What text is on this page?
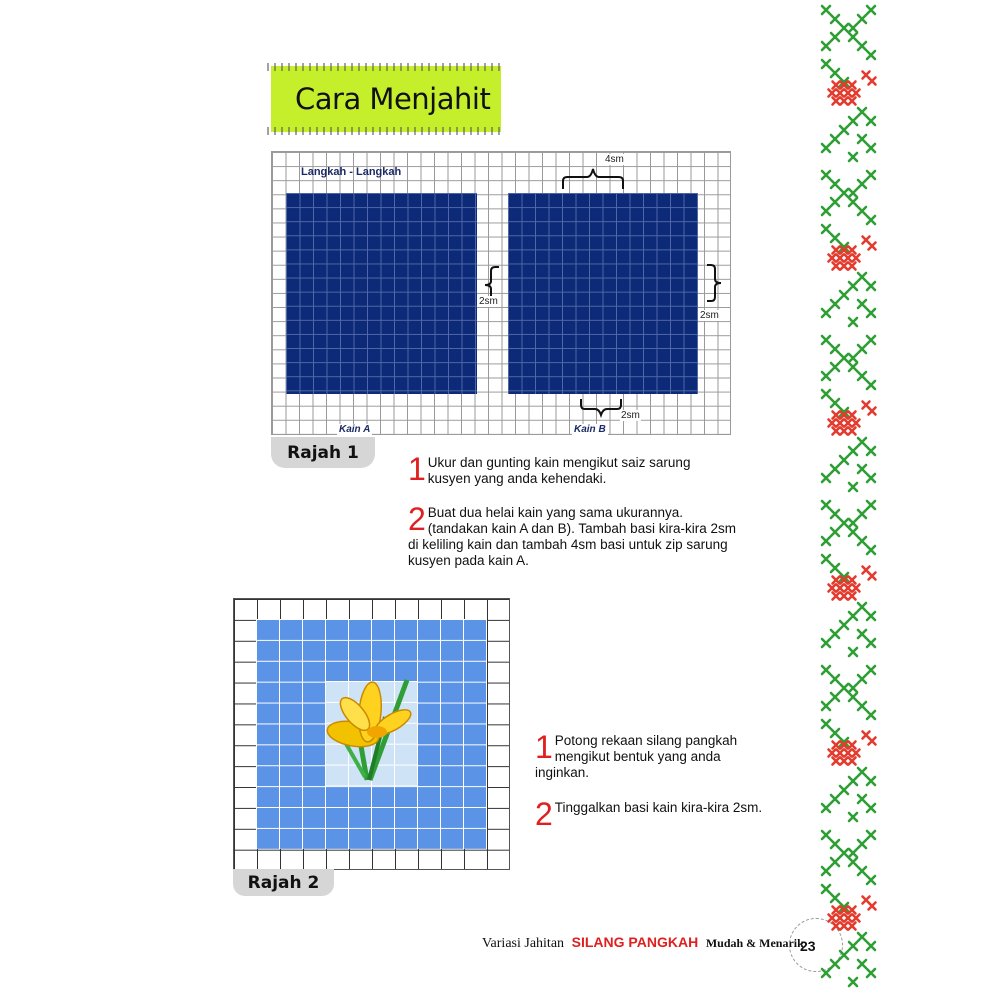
Cara Menjahit
Langkah - Langkah
4sm
2sm
2sm
2sm
Kain A	Kain B
Rajah 1	1 Ukur dan gunting kain mengikut saiz sarung kusyen yang anda kehendaki.
2 Buat dua helai kain yang sama ukurannya. (tandakan kain A dan B). Tambah basi kira-kira 2sm di keliling kain dan tambah 4sm basi untuk zip sarung kusyen pada kain A.
Rajah 2
1 Potong rekaan silang pangkah mengikut bentuk yang anda inginkan.
2 Tinggalkan basi kain kira-kira 2sm.
Variasi Jahitan SILANG PANGKAH Mudah & Menarik
23
